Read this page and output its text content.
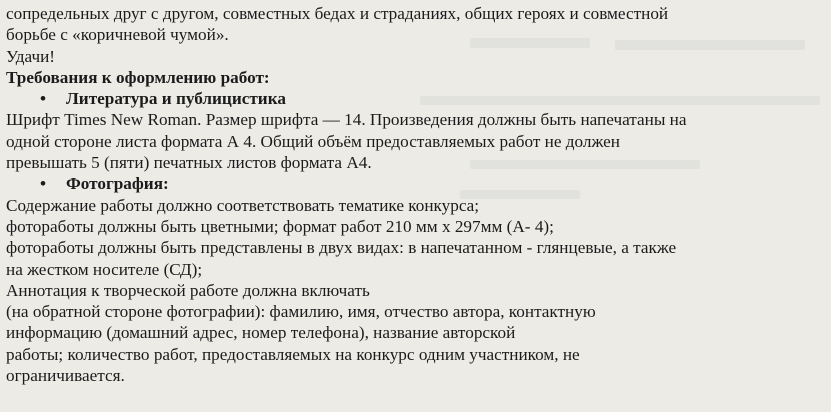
сопредельных друг с другом, совместных бедах и страданиях, общих героях и совместной
борьбе с «коричневой чумой».
Удачи!
Требования к оформлению работ:
• Литература и публицистика
Шрифт Times New Roman. Размер шрифта — 14. Произведения должны быть напечатаны на
одной стороне листа формата А 4. Общий объём предоставляемых работ не должен
превышать 5 (пяти) печатных листов формата А4.
• Фотография:
Содержание работы должно соответствовать тематике конкурса;
фотоработы должны быть цветными; формат работ 210 мм х 297мм (А- 4);
фотоработы должны быть представлены в двух видах: в напечатанном - глянцевые, а также
на жестком носителе (СД);
Аннотация к творческой работе должна включать
(на обратной стороне фотографии): фамилию, имя, отчество автора, контактную
информацию (домашний адрес, номер телефона), название авторской
работы; количество работ, предоставляемых на конкурс одним участником, не
ограничивается.
